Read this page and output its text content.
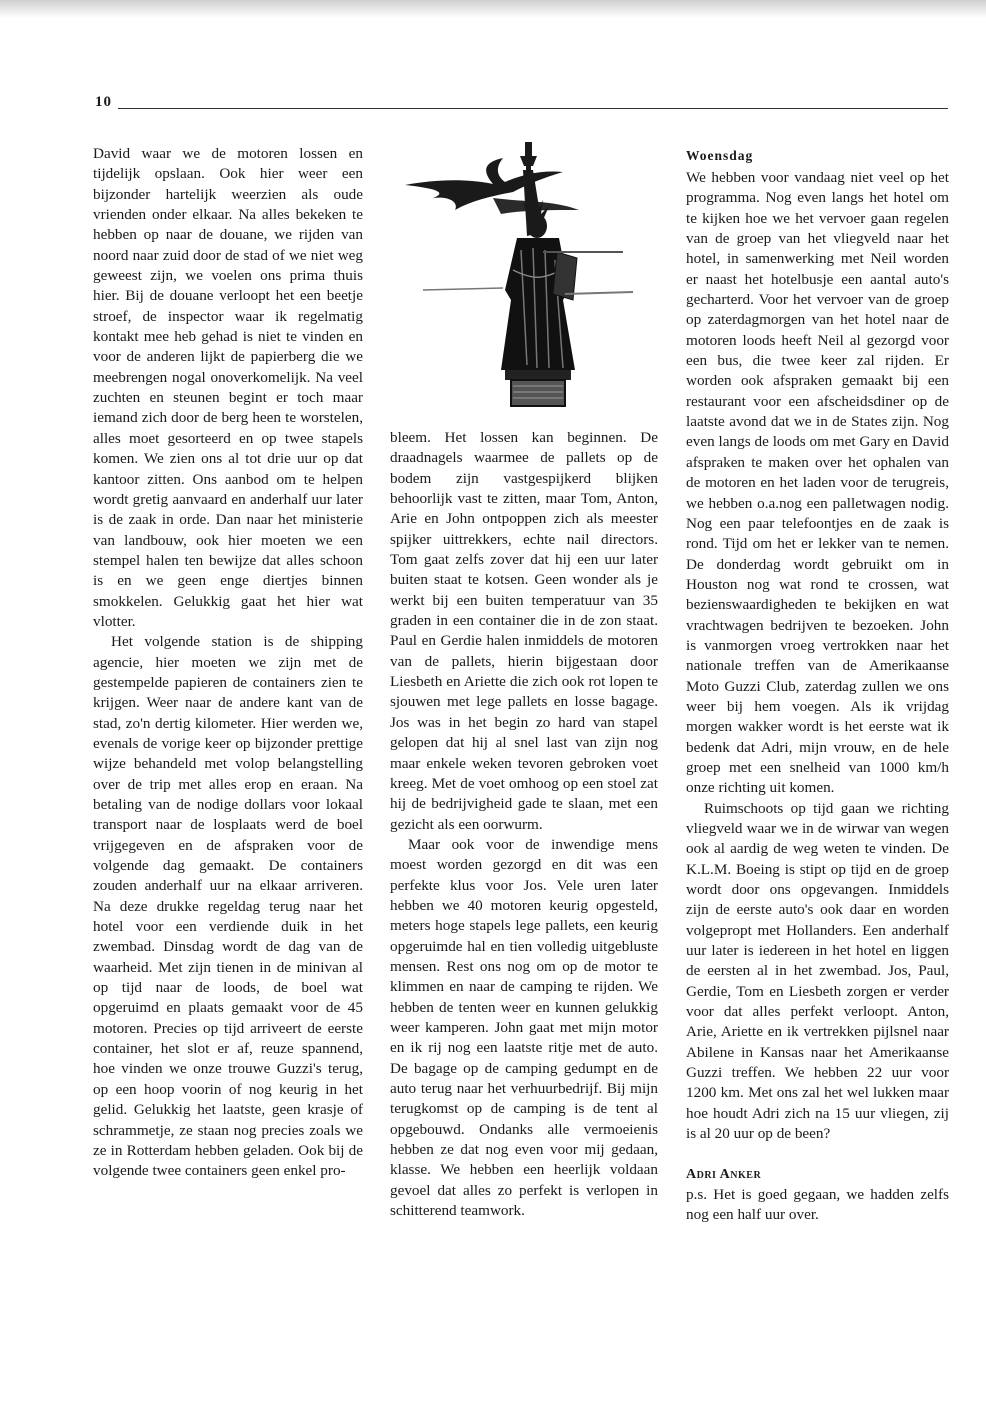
10

David waar we de motoren lossen en tijdelijk opslaan. Ook hier weer een bijzonder hartelijk weerzien als oude vrienden onder elkaar. Na alles bekeken te hebben op naar de douane, we rijden van noord naar zuid door de stad of we niet weg geweest zijn, we voelen ons prima thuis hier. Bij de douane verloopt het een beetje stroef, de inspector waar ik regelmatig kontakt mee heb gehad is niet te vinden en voor de anderen lijkt de papierberg die we meebrengen nogal onoverkomelijk. Na veel zuchten en steunen begint er toch maar iemand zich door de berg heen te worstelen, alles moet gesorteerd en op twee stapels komen. We zien ons al tot drie uur op dat kantoor zitten. Ons aanbod om te helpen wordt gretig aanvaard en anderhalf uur later is de zaak in orde. Dan naar het ministerie van landbouw, ook hier moeten we een stempel halen ten bewijze dat alles schoon is en we geen enge diertjes binnen smokkelen. Gelukkig gaat het hier wat vlotter.

Het volgende station is de shipping agencie, hier moeten we zijn met de gestempelde papieren de containers zien te krijgen. Weer naar de andere kant van de stad, zo'n dertig kilometer. Hier werden we, evenals de vorige keer op bijzonder prettige wijze behandeld met volop belangstelling over de trip met alles erop en eraan. Na betaling van de nodige dollars voor lokaal transport naar de losplaats werd de boel vrijgegeven en de afspraken voor de volgende dag gemaakt. De containers zouden anderhalf uur na elkaar arriveren. Na deze drukke regeldag terug naar het hotel voor een verdiende duik in het zwembad. Dinsdag wordt de dag van de waarheid. Met zijn tienen in de minivan al op tijd naar de loods, de boel wat opgeruimd en plaats gemaakt voor de 45 motoren. Precies op tijd arriveert de eerste container, het slot er af, reuze spannend, hoe vinden we onze trouwe Guzzi's terug, op een hoop voorin of nog keurig in het gelid. Gelukkig het laatste, geen krasje of schrammetje, ze staan nog precies zoals we ze in Rotterdam hebben geladen. Ook bij de volgende twee containers geen enkel pro-

bleem. Het lossen kan beginnen. De draadnagels waarmee de pallets op de bodem zijn vastgespijkerd blijken behoorlijk vast te zitten, maar Tom, Anton, Arie en John ontpoppen zich als meester spijker uittrekkers, echte nail directors. Tom gaat zelfs zover dat hij een uur later buiten staat te kotsen. Geen wonder als je werkt bij een buiten temperatuur van 35 graden in een container die in de zon staat. Paul en Gerdie halen inmiddels de motoren van de pallets, hierin bijgestaan door Liesbeth en Ariette die zich ook rot lopen te sjouwen met lege pallets en losse bagage. Jos was in het begin zo hard van stapel gelopen dat hij al snel last van zijn nog maar enkele weken tevoren gebroken voet kreeg. Met de voet omhoog op een stoel zat hij de bedrijvigheid gade te slaan, met een gezicht als een oorwurm.

Maar ook voor de inwendige mens moest worden gezorgd en dit was een perfekte klus voor Jos. Vele uren later hebben we 40 motoren keurig opgesteld, meters hoge stapels lege pallets, een keurig opgeruimde hal en tien volledig uitgebluste mensen. Rest ons nog om op de motor te klimmen en naar de camping te rijden. We hebben de tenten weer en kunnen gelukkig weer kamperen. John gaat met mijn motor en ik rij nog een laatste ritje met de auto. De bagage op de camping gedumpt en de auto terug naar het verhuurbedrijf. Bij mijn terugkomst op de camping is de tent al opgebouwd. Ondanks alle vermoeienis hebben ze dat nog even voor mij gedaan, klasse. We hebben een heerlijk voldaan gevoel dat alles zo perfekt is verlopen in schitterend teamwork.

Woensdag

We hebben voor vandaag niet veel op het programma. Nog even langs het hotel om te kijken hoe we het vervoer gaan regelen van de groep van het vliegveld naar het hotel, in samenwerking met Neil worden er naast het hotelbusje een aantal auto's gecharterd. Voor het vervoer van de groep op zaterdagmorgen van het hotel naar de motoren loods heeft Neil al gezorgd voor een bus, die twee keer zal rijden. Er worden ook afspraken gemaakt bij een restaurant voor een afscheidsdiner op de laatste avond dat we in de States zijn. Nog even langs de loods om met Gary en David afspraken te maken over het ophalen van de motoren en het laden voor de terugreis, we hebben o.a.nog een palletwagen nodig. Nog een paar telefoontjes en de zaak is rond. Tijd om het er lekker van te nemen. De donderdag wordt gebruikt om in Houston nog wat rond te crossen, wat bezienswaardigheden te bekijken en wat vrachtwagen bedrijven te bezoeken. John is vanmorgen vroeg vertrokken naar het nationale treffen van de Amerikaanse Moto Guzzi Club, zaterdag zullen we ons weer bij hem voegen. Als ik vrijdag morgen wakker wordt is het eerste wat ik bedenk dat Adri, mijn vrouw, en de hele groep met een snelheid van 1000 km/h onze richting uit komen.

Ruimschoots op tijd gaan we richting vliegveld waar we in de wirwar van wegen ook al aardig de weg weten te vinden. De K.L.M. Boeing is stipt op tijd en de groep wordt door ons opgevangen. Inmiddels zijn de eerste auto's ook daar en worden volgepropt met Hollanders. Een anderhalf uur later is iedereen in het hotel en liggen de eersten al in het zwembad. Jos, Paul, Gerdie, Tom en Liesbeth zorgen er verder voor dat alles perfekt verloopt. Anton, Arie, Ariette en ik vertrekken pijlsnel naar Abilene in Kansas naar het Amerikaanse Guzzi treffen. We hebben 22 uur voor 1200 km. Met ons zal het wel lukken maar hoe houdt Adri zich na 15 uur vliegen, zij is al 20 uur op de been?

Adri Anker

p.s. Het is goed gegaan, we hadden zelfs nog een half uur over.
